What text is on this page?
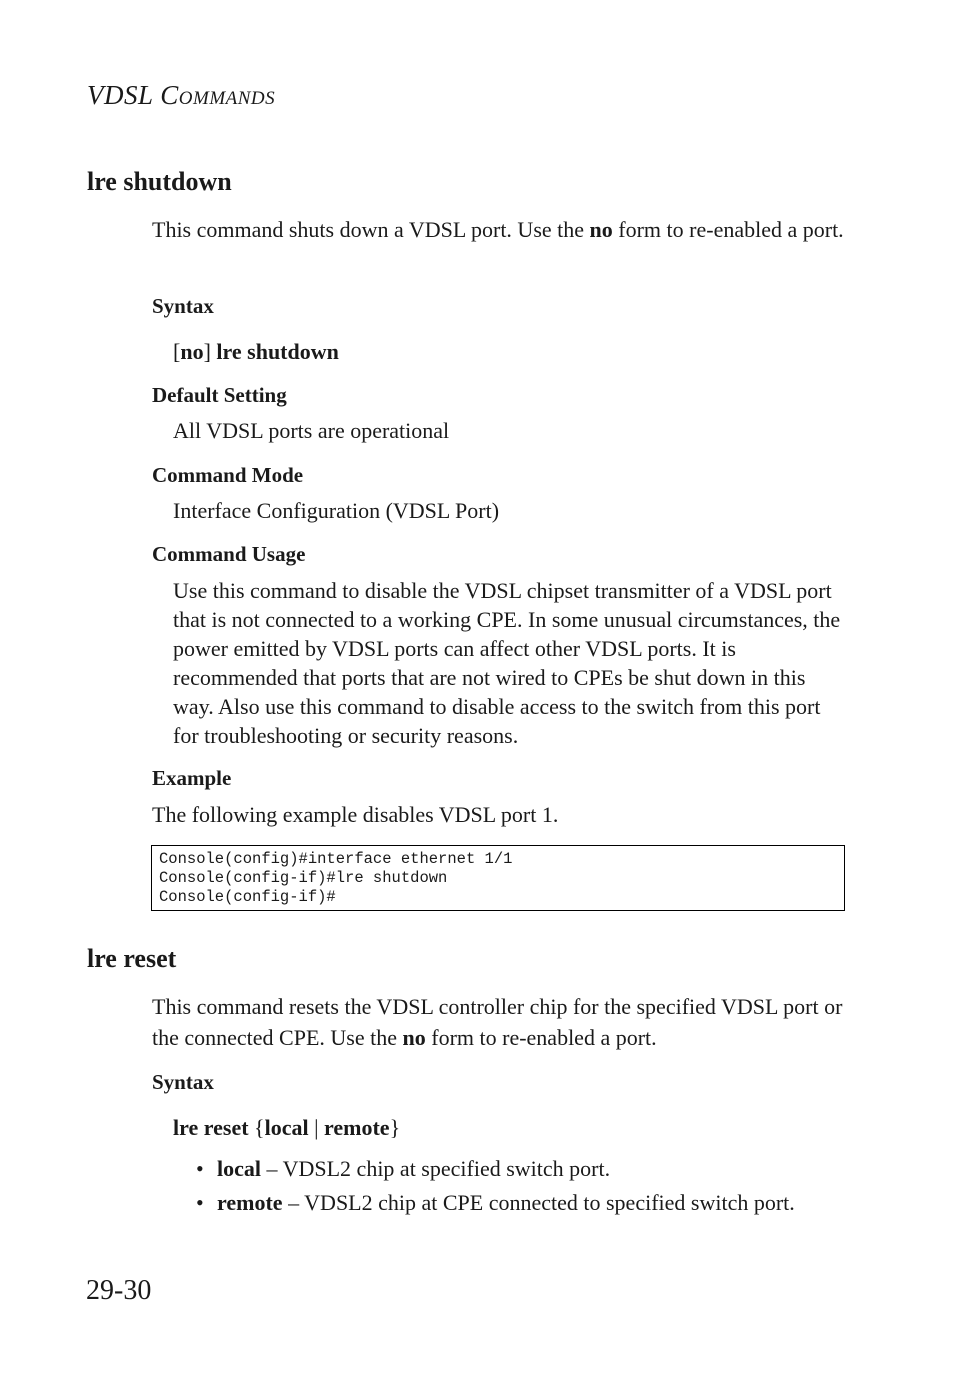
VDSL COMMANDS
lre shutdown

This command shuts down a VDSL port. Use the no form to re-enabled a port.

Syntax
[no] lre shutdown
Default Setting
All VDSL ports are operational
Command Mode
Interface Configuration (VDSL Port)
Command Usage

Use this command to disable the VDSL chipset transmitter of a VDSL port that is not connected to a working CPE. In some unusual circumstances, the power emitted by VDSL ports can affect other VDSL ports. It is recommended that ports that are not wired to CPEs be shut down in this way. Also use this command to disable access to the switch from this port for troubleshooting or security reasons.

Example
The following example disables VDSL port 1.
Console(config)#interface ethernet 1/1
Console(config-if)#lre shutdown
Console(config-if)#
lre reset

This command resets the VDSL controller chip for the specified VDSL port or the connected CPE. Use the no form to re-enabled a port.

Syntax
lre reset {local | remote}
• local – VDSL2 chip at specified switch port.
• remote – VDSL2 chip at CPE connected to specified switch port.
29-30
